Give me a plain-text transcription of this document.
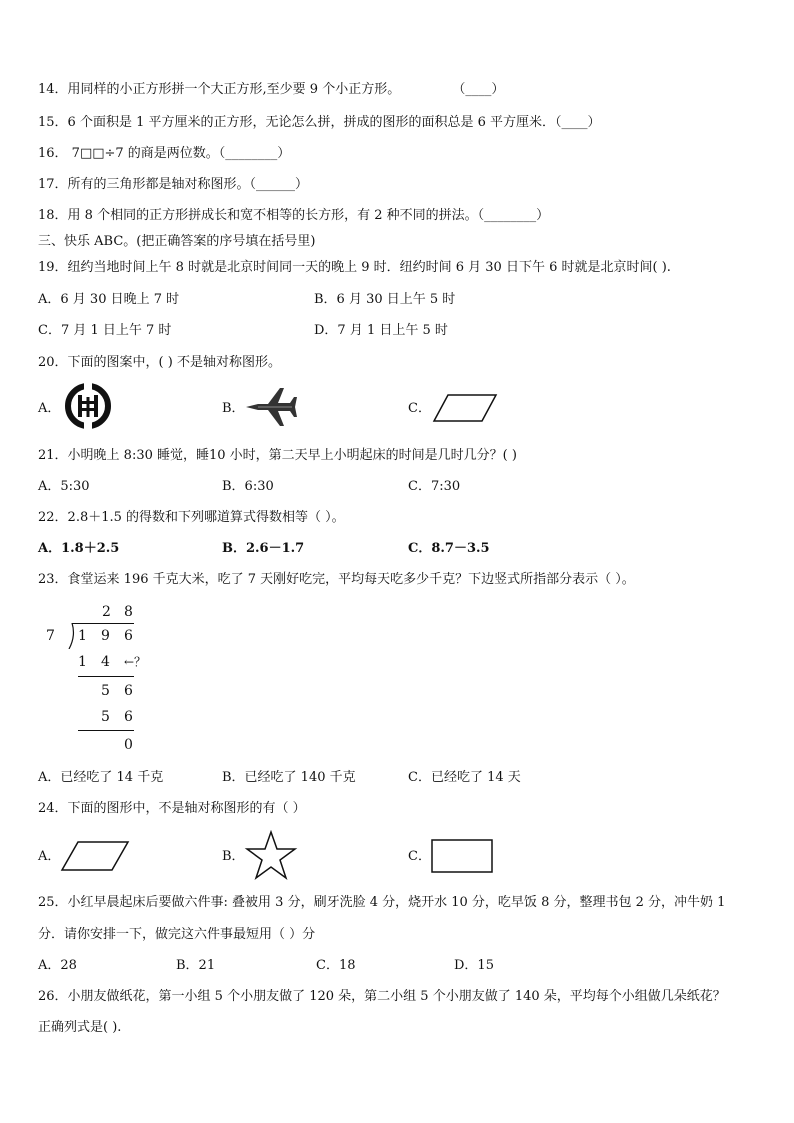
14．用同样的小正方形拼一个大正方形,至少要 9 个小正方形。	（____）
15．6 个面积是 1 平方厘米的正方形，无论怎么拼，拼成的图形的面积总是 6 平方厘米．（____）
16． 7□□÷7 的商是两位数。（________）
17．所有的三角形都是轴对称图形。（______）
18．用 8 个相同的正方形拼成长和宽不相等的长方形，有 2 种不同的拼法。（________）
三、快乐 ABC。(把正确答案的序号填在括号里)
19．纽约当地时间上午 8 时就是北京时间同一天的晚上 9 时．纽约时间 6 月 30 日下午 6 时就是北京时间( ).
A．6 月 30 日晚上 7 时	B．6 月 30 日上午 5 时
C．7 月 1 日上午 7 时	D．7 月 1 日上午 5 时
20．下面的图案中，( ) 不是轴对称图形。
A．	B．	C．
21．小明晚上 8:30 睡觉，睡10 小时，第二天早上小明起床的时间是几时几分？( )
A．5:30	B．6:30	C．7:30
22．2.8＋1.5 的得数和下列哪道算式得数相等（ ）。
A．1.8＋2.5	B．2.6－1.7	C．8.7－3.5
23．食堂运来 196 千克大米，吃了 7 天刚好吃完，平均每天吃多少千克？下边竖式所指部分表示（ ）。
2 8
7 1 9 6
1 4 ←？
5 6
5 6
0
A．已经吃了 14 千克	B．已经吃了 140 千克	C．已经吃了 14 天
24．下面的图形中，不是轴对称图形的有（ ）
A．	B．	C．
25．小红早晨起床后要做六件事: 叠被用 3 分，刷牙洗脸 4 分，烧开水 10 分，吃早饭 8 分，整理书包 2 分，冲牛奶 1
分．请你安排一下，做完这六件事最短用（ ）分
A．28	B．21	C．18	D．15
26．小朋友做纸花，第一小组 5 个小朋友做了 120 朵，第二小组 5 个小朋友做了 140 朵，平均每个小组做几朵纸花？
正确列式是( ).
